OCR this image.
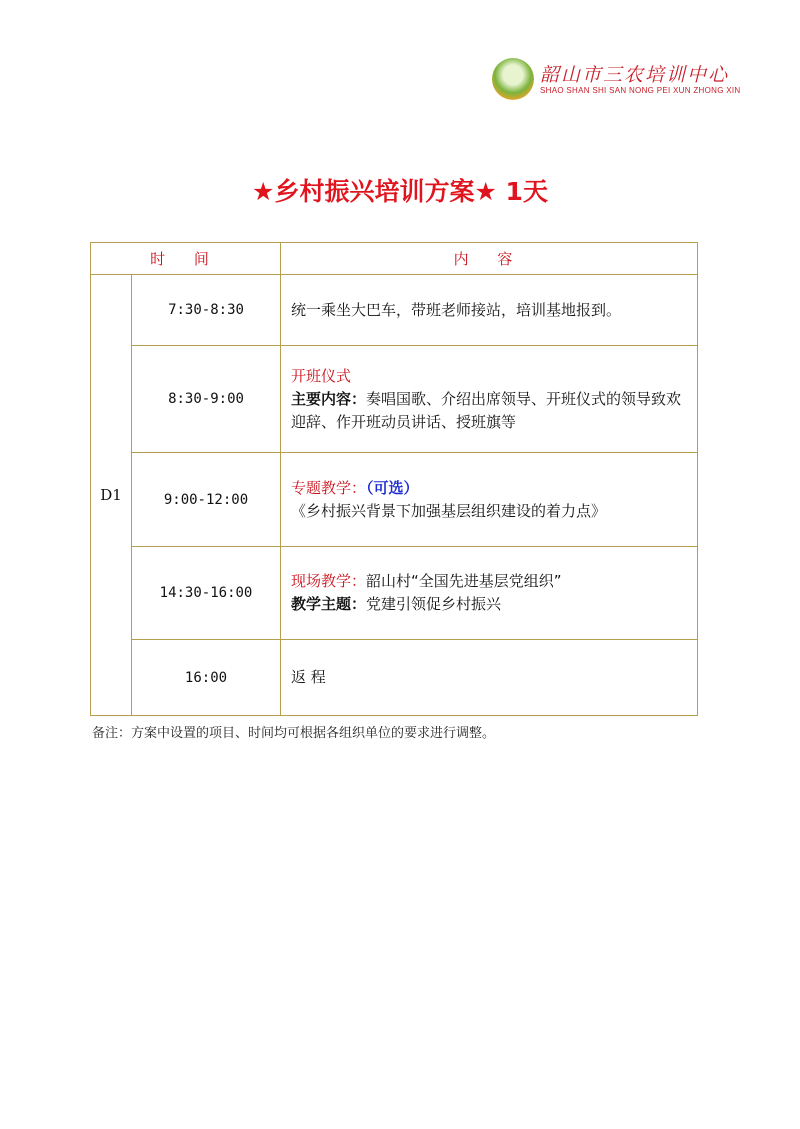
韶山市三农培训中心
SHAO SHAN SHI SAN NONG PEI XUN ZHONG XIN
★乡村振兴培训方案★ 1天
时 间		内 容
D1	7:30-8:30	统一乘坐大巴车，带班老师接站，培训基地报到。

	8:30-9:00	开班仪式
主要内容：奏唱国歌、介绍出席领导、开班仪式的领导致欢迎辞、作开班动员讲话、授班旗等

	9:00-12:00	专题教学：（可选）
《乡村振兴背景下加强基层组织建设的着力点》

	14:30-16:00	现场教学：韶山村“全国先进基层党组织”
教学主题：党建引领促乡村振兴

	16:00	返 程
备注：方案中设置的项目、时间均可根据各组织单位的要求进行调整。
